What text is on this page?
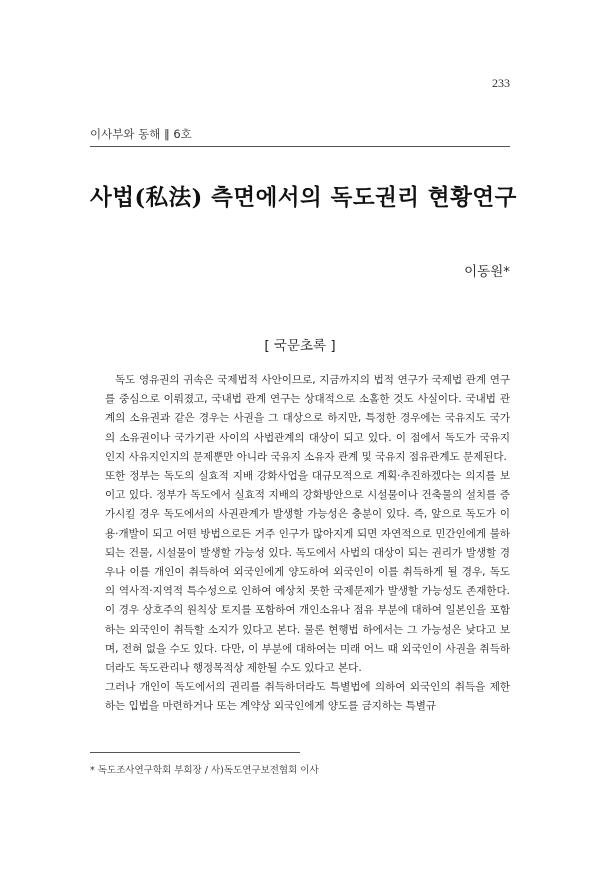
233
이사부와 동해 ‖ 6호
사법(私法) 측면에서의 독도권리 현황연구
이동원*
[ 국문초록 ]

독도 영유권의 귀속은 국제법적 사안이므로, 지금까지의 법적 연구가 국제법 관계 연구를 중심으로 이뤄졌고, 국내법 관계 연구는 상대적으로 소홀한 것도 사실이다. 국내법 관계의 소유권과 같은 경우는 사권을 그 대상으로 하지만, 특정한 경우에는 국유지도 국가의 소유권이나 국가기관 사이의 사법관계의 대상이 되고 있다. 이 점에서 독도가 국유지인지 사유지인지의 문제뿐만 아니라 국유지 소유자 관계 및 국유지 점유관계도 문제된다.

또한 정부는 독도의 실효적 지배 강화사업을 대규모적으로 계획·추진하겠다는 의지를 보이고 있다. 정부가 독도에서 실효적 지배의 강화방안으로 시설물이나 건축물의 설치를 증가시킬 경우 독도에서의 사권관계가 발생할 가능성은 충분이 있다. 즉, 앞으로 독도가 이용·개발이 되고 어떤 방법으로든 거주 인구가 많아지게 되면 자연적으로 민간인에게 불하되는 건물, 시설물이 발생할 가능성 있다. 독도에서 사법의 대상이 되는 권리가 발생할 경우나 이를 개인이 취득하여 외국인에게 양도하여 외국인이 이를 취득하게 될 경우, 독도의 역사적·지역적 특수성으로 인하여 예상치 못한 국제문제가 발생할 가능성도 존재한다. 이 경우 상호주의 원칙상 토지를 포함하여 개인소유나 점유 부분에 대하여 일본인을 포함하는 외국인이 취득할 소지가 있다고 본다. 물론 현행법 하에서는 그 가능성은 낮다고 보며, 전혀 없을 수도 있다. 다만, 이 부분에 대하여는 미래 어느 때 외국인이 사권을 취득하더라도 독도관리나 행정목적상 제한될 수도 있다고 본다.

그러나 개인이 독도에서의 권리를 취득하더라도 특별법에 의하여 외국인의 취득을 제한하는 입법을 마련하거나 또는 계약상 외국인에게 양도를 금지하는 특별규

* 독도조사연구학회 부회장 / 사)독도연구보전협회 이사
